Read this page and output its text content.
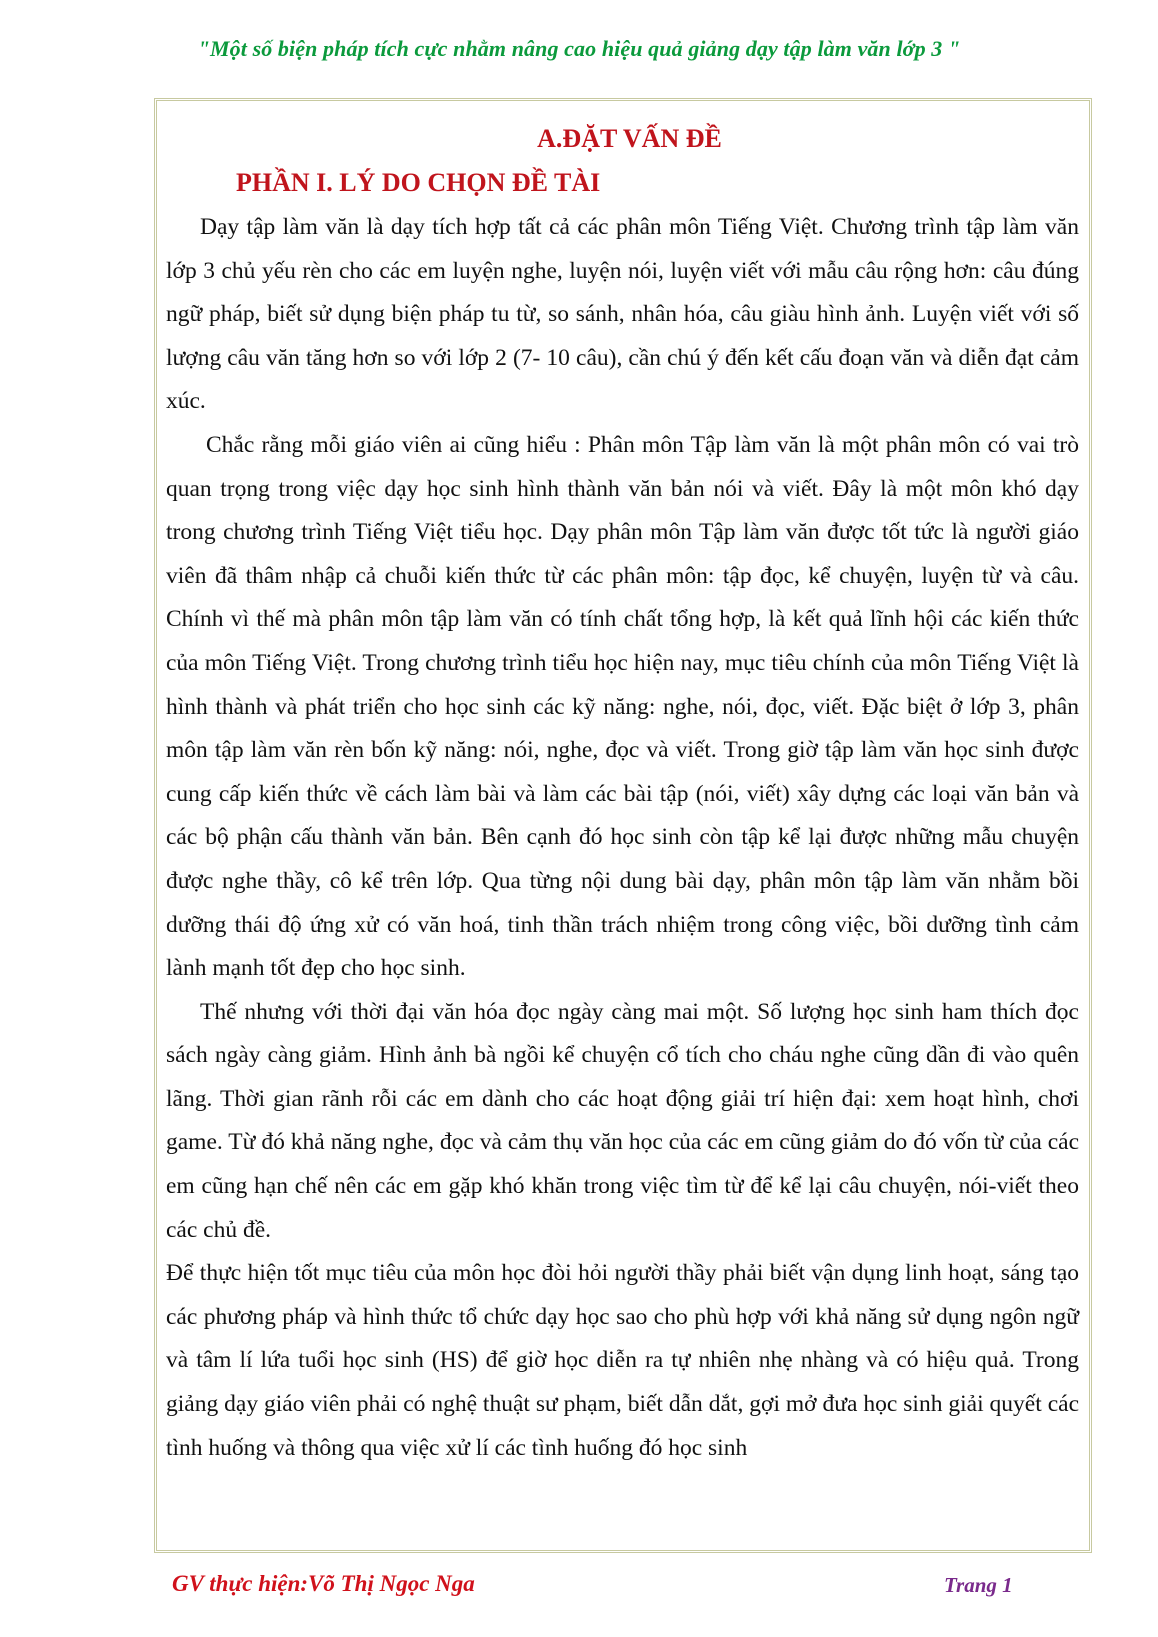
"Một số biện pháp tích cực nhằm nâng cao hiệu quả giảng dạy tập làm văn lớp 3 "
A.ĐẶT VẤN ĐỀ
PHẦN I. LÝ DO CHỌN ĐỀ TÀI

Dạy tập làm văn là dạy tích hợp tất cả các phân môn Tiếng Việt. Chương trình tập làm văn lớp 3 chủ yếu rèn cho các em luyện nghe, luyện nói, luyện viết với mẫu câu rộng hơn: câu đúng ngữ pháp, biết sử dụng biện pháp tu từ, so sánh, nhân hóa, câu giàu hình ảnh. Luyện viết với số lượng câu văn tăng hơn so với lớp 2 (7- 10 câu), cần chú ý đến kết cấu đoạn văn và diễn đạt cảm xúc.

Chắc rằng mỗi giáo viên ai cũng hiểu : Phân môn Tập làm văn là một phân môn có vai trò quan trọng trong việc dạy học sinh hình thành văn bản nói và viết. Đây là một môn khó dạy trong chương trình Tiếng Việt tiểu học. Dạy phân môn Tập làm văn được tốt tức là người giáo viên đã thâm nhập cả chuỗi kiến thức từ các phân môn: tập đọc, kể chuyện, luyện từ và câu. Chính vì thế mà phân môn tập làm văn có tính chất tổng hợp, là kết quả lĩnh hội các kiến thức của môn Tiếng Việt. Trong chương trình tiểu học hiện nay, mục tiêu chính của môn Tiếng Việt là hình thành và phát triển cho học sinh các kỹ năng: nghe, nói, đọc, viết. Đặc biệt ở lớp 3, phân môn tập làm văn rèn bốn kỹ năng: nói, nghe, đọc và viết. Trong giờ tập làm văn học sinh được cung cấp kiến thức về cách làm bài và làm các bài tập (nói, viết) xây dựng các loại văn bản và các bộ phận cấu thành văn bản. Bên cạnh đó học sinh còn tập kể lại được những mẫu chuyện được nghe thầy, cô kể trên lớp. Qua từng nội dung bài dạy, phân môn tập làm văn nhằm bồi dưỡng thái độ ứng xử có văn hoá, tinh thần trách nhiệm trong công việc, bồi dưỡng tình cảm lành mạnh tốt đẹp cho học sinh.

Thế nhưng với thời đại văn hóa đọc ngày càng mai một. Số lượng học sinh ham thích đọc sách ngày càng giảm. Hình ảnh bà ngồi kể chuyện cổ tích cho cháu nghe cũng dần đi vào quên lãng. Thời gian rãnh rỗi các em dành cho các hoạt động giải trí hiện đại: xem hoạt hình, chơi game. Từ đó khả năng nghe, đọc và cảm thụ văn học của các em cũng giảm do đó vốn từ của các em cũng hạn chế nên các em gặp khó khăn trong việc tìm từ để kể lại câu chuyện, nói-viết theo các chủ đề.

Để thực hiện tốt mục tiêu của môn học đòi hỏi người thầy phải biết vận dụng linh hoạt, sáng tạo các phương pháp và hình thức tổ chức dạy học sao cho phù hợp với khả năng sử dụng ngôn ngữ và tâm lí lứa tuổi học sinh (HS) để giờ học diễn ra tự nhiên nhẹ nhàng và có hiệu quả. Trong giảng dạy giáo viên phải có nghệ thuật sư phạm, biết dẫn dắt, gợi mở đưa học sinh giải quyết các tình huống và thông qua việc xử lí các tình huống đó học sinh

GV thực hiện:Võ Thị Ngọc Nga	Trang 1
